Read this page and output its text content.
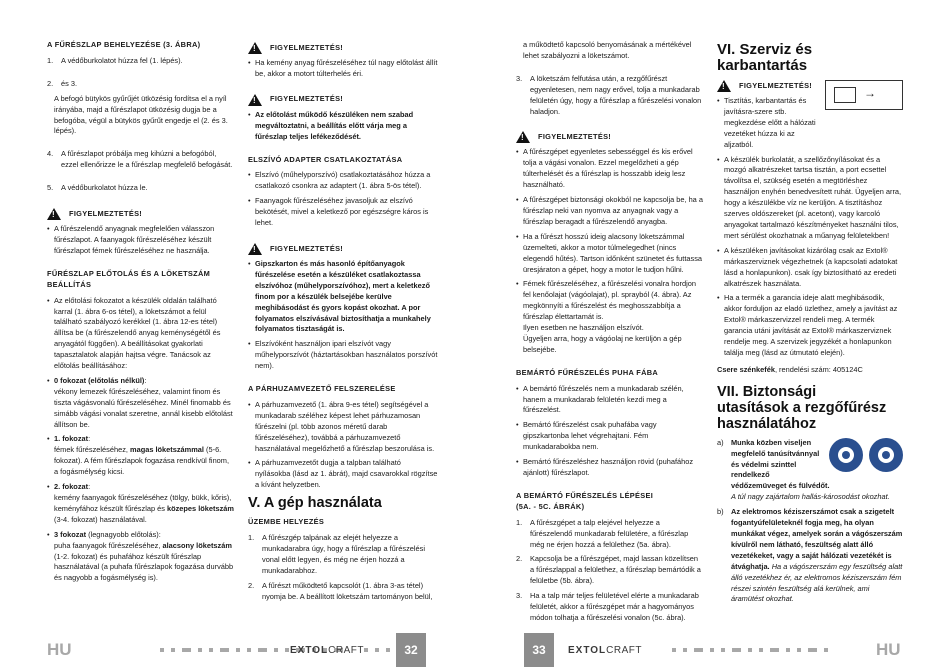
A FŰRÉSZLAP BEHELYEZÉSE (3. ÁBRA)
1.	A védőburkolatot húzza fel (1. lépés).
2.	és 3.
A befogó bütykös gyűrűjét ütközésig fordítsa el a nyíl irányába, majd a fűrészlapot ütközésig dugja be a befogóba, végül a bütykös gyűrűt engedje el (2. és 3. lépés).
4.	A fűrészlapot próbálja meg kihúzni a befogóból, ezzel ellenőrizze le a fűrészlap megfelelő befogását.
5.	A védőburkolatot húzza le.
!
FIGYELMEZTETÉS!
• A fűrészelendő anyagnak megfelelően válasszon fűrészlapot. A faanyagok fűrészeléséhez készült fűrészlapot fémek fűrészeléséhez ne használja.
FŰRÉSZLAP ELŐTOLÁS ÉS A LÖKETSZÁM BEÁLLÍTÁS
• Az előtolási fokozatot a készülék oldalán található karral (1. ábra 6-os tétel), a löketszámot a felül található szabályozó kerékkel (1. ábra 12-es tétel) állítsa be (a fűrészelendő anyag keménységétől és anyagától függően). A beállításokat gyakorlati tapasztalatok alapján hajtsa végre. Tanácsok az előtolás beállításához:
• 0 fokozat (előtolás nélkül):
vékony lemezek fűrészeléséhez, valamint finom és tiszta vágásvonalú fűrészeléséhez. Minél finomabb és simább vágási vonalat szeretne, annál kisebb előtolást állítson be.
• 1. fokozat:
fémek fűrészeléséhez, magas löketszámmal (5-6. fokozat). A fém fűrészlapok fogazása rendkívül finom, a fogásmélység kicsi.
• 2. fokozat:
kemény faanyagok fűrészeléséhez (tölgy, bükk, kőris), keményfához készült fűrészlap és közepes löketszám (3-4. fokozat) használatával.
• 3 fokozat (legnagyobb előtolás):
puha faanyagok fűrészeléséhez, alacsony löketszám (1-2. fokozat) és puhafához készült fűrészlap használatával (a puhafa fűrészlapok fogazása durvább és nagyobb a fogásmélység is).
!
FIGYELMEZTETÉS!
• Ha kemény anyag fűrészeléséhez túl nagy előtolást állít be, akkor a motort túlterhelés éri.
!
FIGYELMEZTETÉS!
• Az előtolást működő készüléken nem szabad megváltoztatni, a beállítás előtt várja meg a fűrészlap teljes lefékeződését.
ELSZÍVÓ ADAPTER CSATLAKOZTATÁSA
• Elszívó (műhelyporszívó) csatlakoztatásához húzza a csatlakozó csonkra az adaptert (1. ábra 5-ös tétel).
• Faanyagok fűrészeléséhez javasoljuk az elszívó bekötését, mivel a keletkező por egészségre káros is lehet.
!
FIGYELMEZTETÉS!
• Gipszkarton és más hasonló építőanyagok fűrészelése esetén a készüléket csatlakoztassa elszívóhoz (műhelyporszívóhoz), mert a keletkező finom por a készülék belsejébe kerülve meghibásodást és gyors kopást okozhat. A por folyamatos elszívásával biztosíthatja a munkahely folyamatos tisztaságát is.
• Elszívóként használjon ipari elszívót vagy műhelyporszívót (háztartásokban használatos porszívót nem).
A PÁRHUZAMVEZETŐ FELSZERELÉSE
• A párhuzamvezető (1. ábra 9-es tétel) segítségével a munkadarab széléhez képest lehet párhuzamosan fűrészelni (pl. több azonos méretű darab fűrészeléséhez), továbbá a párhuzamvezető használatával megelőzhető a fűrészlap beszorulása is.
• A párhuzamvezetőt dugja a talpban található nyílásokba (lásd az 1. ábrát), majd csavarokkal rögzítse a kívánt helyzetben.
V. A gép használata
ÜZEMBE HELYEZÉS
1.	A fűrészgép talpának az elejét helyezze a munkadarabra úgy, hogy a fűrészlap a fűrészelési vonal előtt legyen, és még ne érjen hozzá a munkadarabhoz.
2.	A fűrészt működtető kapcsolót (1. ábra 3-as tétel) nyomja be. A beállított löketszám tartományon belül,
a működtető kapcsoló benyomásának a mértékével lehet szabályozni a löketszámot.
3.	A löketszám felfutása után, a rezgőfűrészt egyenletesen, nem nagy erővel, tolja a munkadarab felületén úgy, hogy a fűrészlap a fűrészelési vonalon haladjon.
!
FIGYELMEZTETÉS!
• A fűrészgépet egyenletes sebességgel és kis erővel tolja a vágási vonalon. Ezzel megelőzheti a gép túlterhelését és a fűrészlap is hosszabb ideig lesz használható.
• A fűrészgépet biztonsági okokból ne kapcsolja be, ha a fűrészlap neki van nyomva az anyagnak vagy a fűrészlap beragadt a fűrészelendő anyagba.
• Ha a fűrészt hosszú ideig alacsony löketszámmal üzemelteti, akkor a motor túlmelegedhet (nincs elegendő hűtés). Tartson időnként szünetet és futtassa üresjáraton a gépet, hogy a motor le tudjon hűlni.
• Fémek fűrészeléséhez, a fűrészelési vonalra hordjon fel kenőolajat (vágóolajat), pl. sprayból (4. ábra). Az megkönnyíti a fűrészelést és meghosszabbítja a fűrészlap élettartamát is.
Ilyen esetben ne használjon elszívót.
Ügyeljen arra, hogy a vágóolaj ne kerüljön a gép belsejébe.
BEMÁRTÓ FŰRÉSZELÉS PUHA FÁBA
• A bemártó fűrészelés nem a munkadarab szélén, hanem a munkadarab felületén kezdi meg a fűrészelést.
• Bemártó fűrészelést csak puhafába vagy gipszkartonba lehet végrehajtani. Fém munkadarabokba nem.
• Bemártó fűrészeléshez használjon rövid (puhafához ajánlott) fűrészlapot.
A BEMÁRTÓ FŰRÉSZELÉS LÉPÉSEI
(5A. - 5C. ÁBRÁK)
1.	A fűrészgépet a talp elejével helyezze a fűrészelendő munkadarab felületére, a fűrészlap még ne érjen hozzá a felülethez (5a. ábra).
2.	Kapcsolja be a fűrészgépet, majd lassan közelítsen a fűrészlappal a felülethez, a fűrészlap bemártódik a felületbe (5b. ábra).
3.	Ha a talp már teljes felületével elérte a munkadarab felületét, akkor a fűrészgépet már a hagyományos módon tolhatja a fűrészelési vonalon (5c. ábra).
VI. Szerviz és karbantartás
→
!
FIGYELMEZTETÉS!
• Tisztítás, karbantartás és javításra-szere stb. megkezdése előtt a hálózati vezetéket húzza ki az aljzatból.
• A készülék burkolatát, a szellőzőnyílásokat és a mozgó alkatrészeket tartsa tisztán, a port ecsettel távolítsa el, szükség esetén a megtörléshez használjon enyhén benedvesített ruhát. Ügyeljen arra, hogy a készülékbe víz ne kerüljön. A tisztításhoz szerves oldószereket (pl. acetont), vagy karcoló anyagokat tartalmazó készítményeket használni tilos, mert sérülést okozhatnak a műanyag felületekben!
• A készüléken javításokat kizárólag csak az Extol® márkaszerviznek végezhetnek (a kapcsolati adatokat lásd a honlapunkon). csak így biztosítható az eredeti alkatrészek használata.
• Ha a termék a garancia ideje alatt meghibásodik, akkor forduljon az eladó üzlethez, amely a javítást az Extol® márkaszervizzel rendeli meg. A termék garancia utáni javítását az Extol® márkaszerviznek rendelje meg. A szervizek jegyzékét a honlapunkon találja meg (lásd az útmutató elején).
Csere szénkefék, rendelési szám: 405124C
VII. Biztonsági
utasítások a rezgőfűrész
használatához
a)	Munka közben viseljen megfelelő tanúsítvánnyal és védelmi szinttel rendelkező védőzemüveget és fülvédőt.
A túl nagy zajártalom hallás-károsodást okozhat.
b)	Az elektromos kéziszerszámot csak a szigetelt fogantyúfelületeknél fogja meg, ha olyan munkákat végez, amelyek során a vágószerszám kívülről nem látható, feszültség alatt álló vezetékeket, vagy a saját hálózati vezetékét is átvághatja. Ha a vágószerszám egy feszültség alatt álló vezetékhez ér, az elektromos kéziszerszám fém részei szintén feszültség alá kerülnek, ami áramütést okozhat.
HU	EXTOLCRAFT	32	33	EXTOLCRAFT	HU
